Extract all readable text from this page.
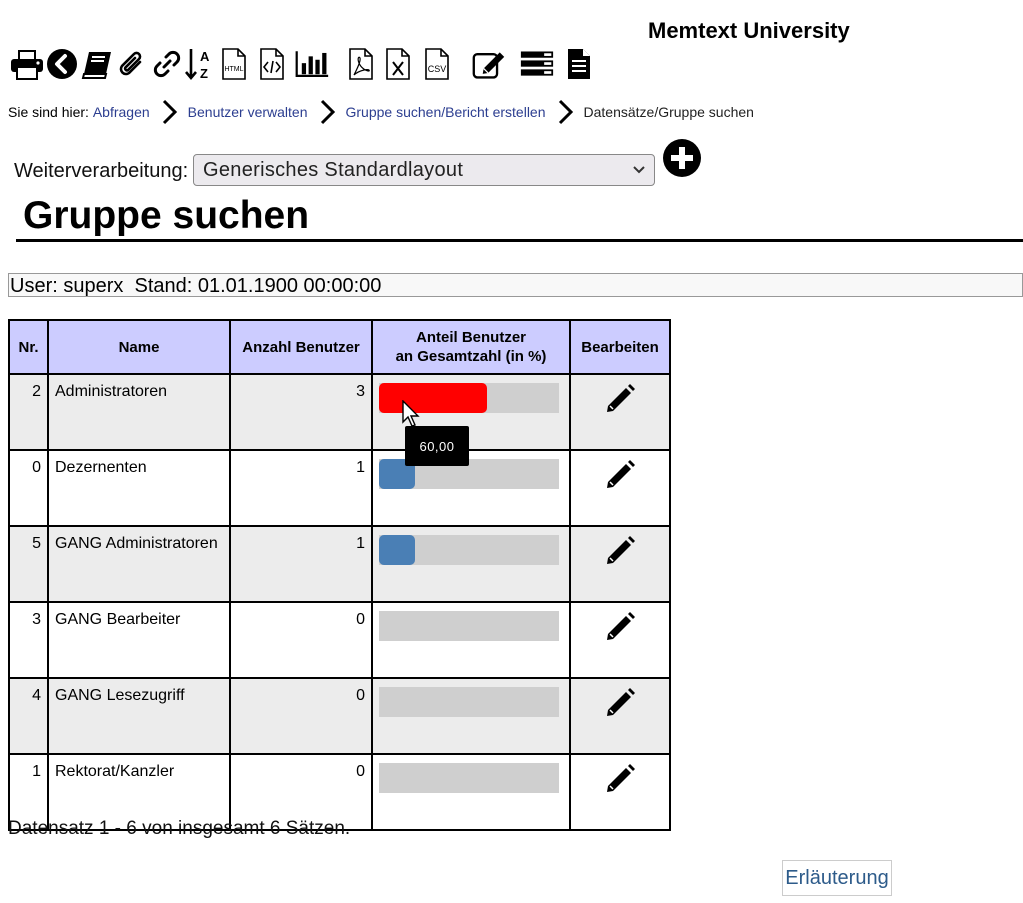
Memtext University
A
Z HTML	CSV
Sie sind hier:
Abfragen	Benutzer verwalten	Gruppe suchen/Bericht erstellen	Datensätze/Gruppe suchen
Weiterverarbeitung: Generisches Standardlayout
Gruppe suchen
User: superx  Stand: 01.01.1900 00:00:00
Nr.	Name	Anzahl Benutzer	Anteil Benutzer
an Gesamtzahl (in %)	Bearbeiten
2	Administratoren	3	

0	Dezernenten	1	

5	GANG Administratoren	1	

3	GANG Bearbeiter	0	

4	GANG Lesezugriff	0	

1	Rektorat/Kanzler	0	

60,00
Datensatz 1 - 6 von insgesamt 6 Sätzen.
Erläuterung
